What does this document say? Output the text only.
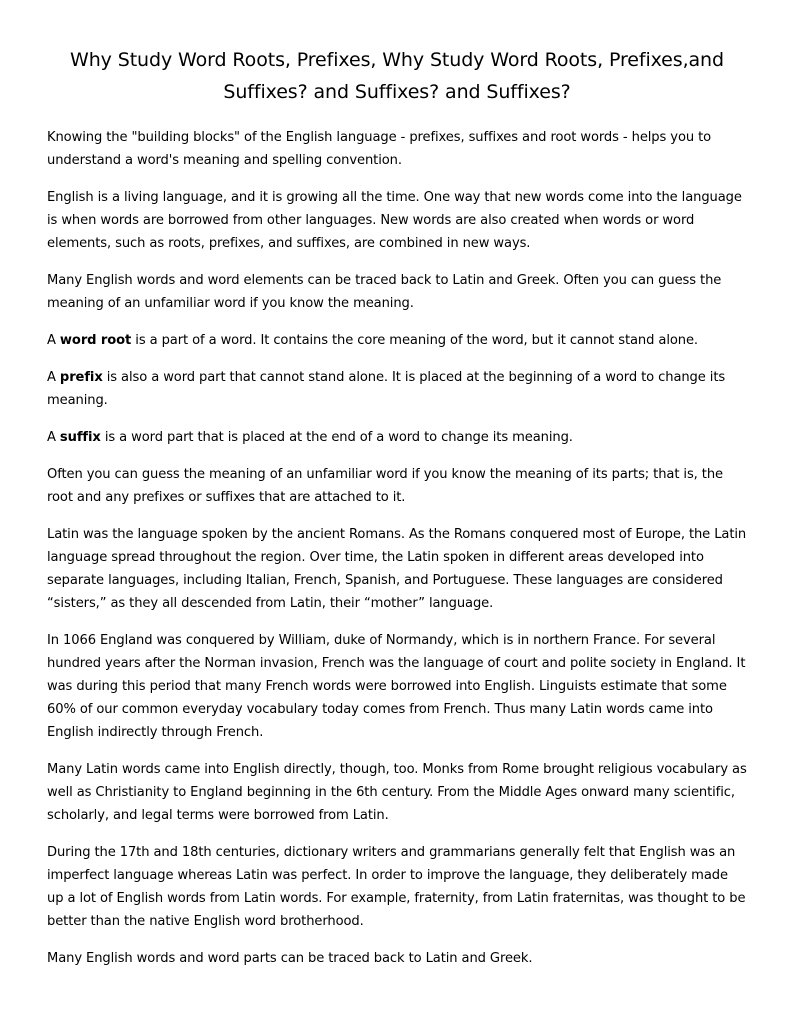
Why Study Word Roots, Prefixes, Why Study Word Roots, Prefixes,and Suffixes? and Suffixes? and Suffixes?

Knowing the "building blocks" of the English language - prefixes, suffixes and root words - helps you to understand a word's meaning and spelling convention.

English is a living language, and it is growing all the time. One way that new words come into the language is when words are borrowed from other languages. New words are also created when words or word elements, such as roots, prefixes, and suffixes, are combined in new ways.

Many English words and word elements can be traced back to Latin and Greek. Often you can guess the meaning of an unfamiliar word if you know the meaning.

A word root is a part of a word. It contains the core meaning of the word, but it cannot stand alone.

A prefix is also a word part that cannot stand alone. It is placed at the beginning of a word to change its meaning.

A suffix is a word part that is placed at the end of a word to change its meaning.

Often you can guess the meaning of an unfamiliar word if you know the meaning of its parts; that is, the root and any prefixes or suffixes that are attached to it.

Latin was the language spoken by the ancient Romans. As the Romans conquered most of Europe, the Latin language spread throughout the region. Over time, the Latin spoken in different areas developed into separate languages, including Italian, French, Spanish, and Portuguese. These languages are considered “sisters,” as they all descended from Latin, their “mother” language.

In 1066 England was conquered by William, duke of Normandy, which is in northern France. For several hundred years after the Norman invasion, French was the language of court and polite society in England. It was during this period that many French words were borrowed into English. Linguists estimate that some 60% of our common everyday vocabulary today comes from French. Thus many Latin words came into English indirectly through French.

Many Latin words came into English directly, though, too. Monks from Rome brought religious vocabulary as well as Christianity to England beginning in the 6th century. From the Middle Ages onward many scientific, scholarly, and legal terms were borrowed from Latin.

During the 17th and 18th centuries, dictionary writers and grammarians generally felt that English was an imperfect language whereas Latin was perfect. In order to improve the language, they deliberately made up a lot of English words from Latin words. For example, fraternity, from Latin fraternitas, was thought to be better than the native English word brotherhood.

Many English words and word parts can be traced back to Latin and Greek.
